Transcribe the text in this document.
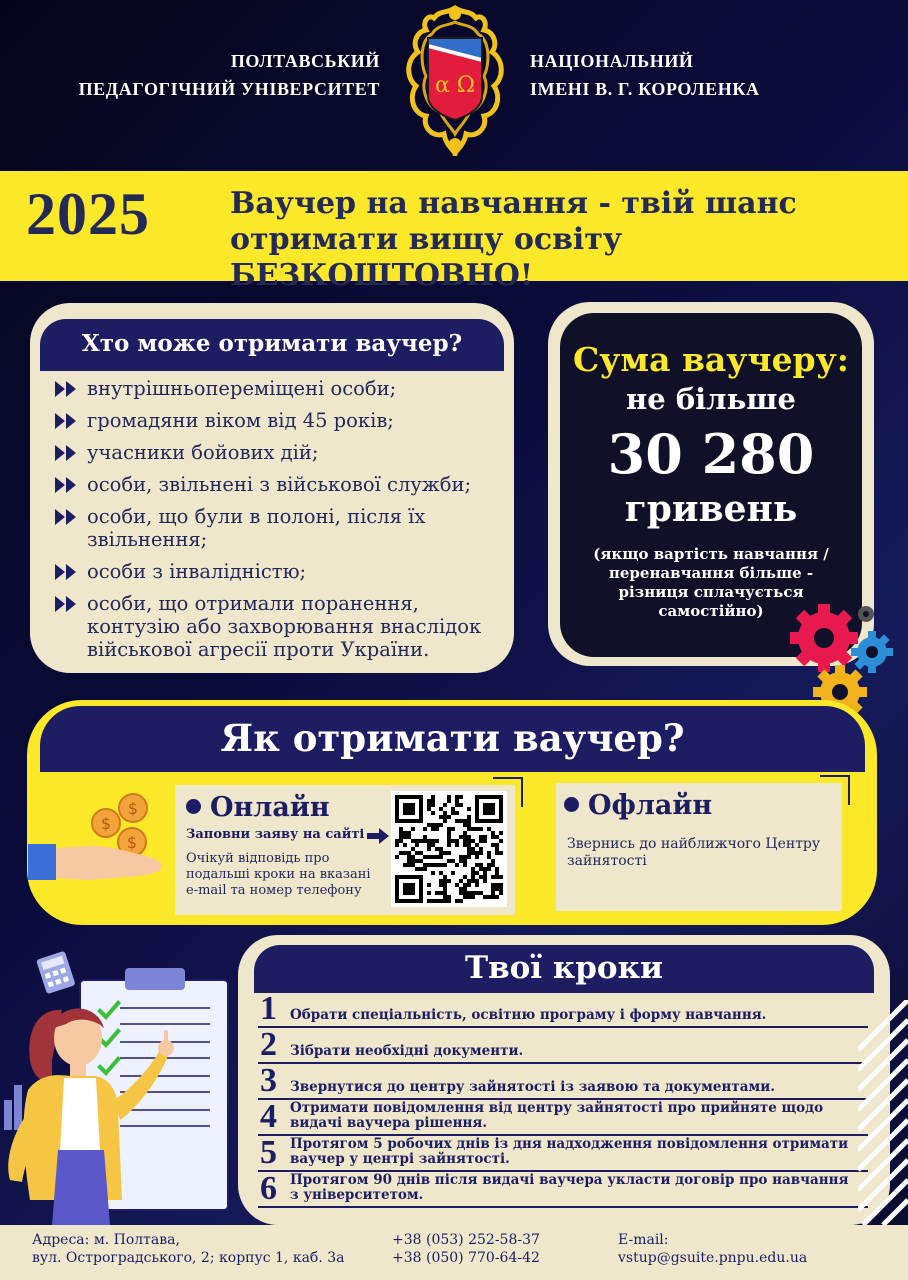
ПОЛТАВСЬКИЙ
ПЕДАГОГІЧНИЙ УНІВЕРСИТЕТ α Ω
НАЦІОНАЛЬНИЙ
ІМЕНІ В. Г. КОРОЛЕНКА
2025	Ваучер на навчання - твій шанс отримати вищу освіту БЕЗКОШТОВНО!
Хто може отримати ваучер?
внутрішньопереміщені особи;
громадяни віком від 45 років;
учасники бойових дій;
особи, звільнені з військової служби;
особи, що були в полоні, після їх звільнення;
особи з інвалідністю;
особи, що отримали поранення, контузію або захворювання внаслідок військової агресії проти України.
Сума ваучеру:
не більше
30 280
гривень
(якщо вартість навчання / перенавчання більше - різниця сплачується самостійно)
Як отримати ваучер?
$
$
$
Онлайн
Заповни заяву на сайті
Очікуй відповідь про подальші кроки на вказані e-mail та номер телефону
Офлайн
Звернись до найближчого Центру зайнятості
Твої кроки
1 Обрати спеціальність, освітню програму і форму навчання.
2 Зібрати необхідні документи.
3 Звернутися до центру зайнятості із заявою та документами.
4 Отримати повідомлення від центру зайнятості про прийняте щодо видачі ваучера рішення.
5 Протягом 5 робочих днів із дня надходження повідомлення отримати ваучер у центрі зайнятості.
6 Протягом 90 днів після видачі ваучера укласти договір про навчання з університетом.
Адреса: м. Полтава,
вул. Остроградського, 2; корпус 1, каб. 3а
+38 (053) 252-58-37
+38 (050) 770-64-42
E-mail:
vstup@gsuite.pnpu.edu.ua
